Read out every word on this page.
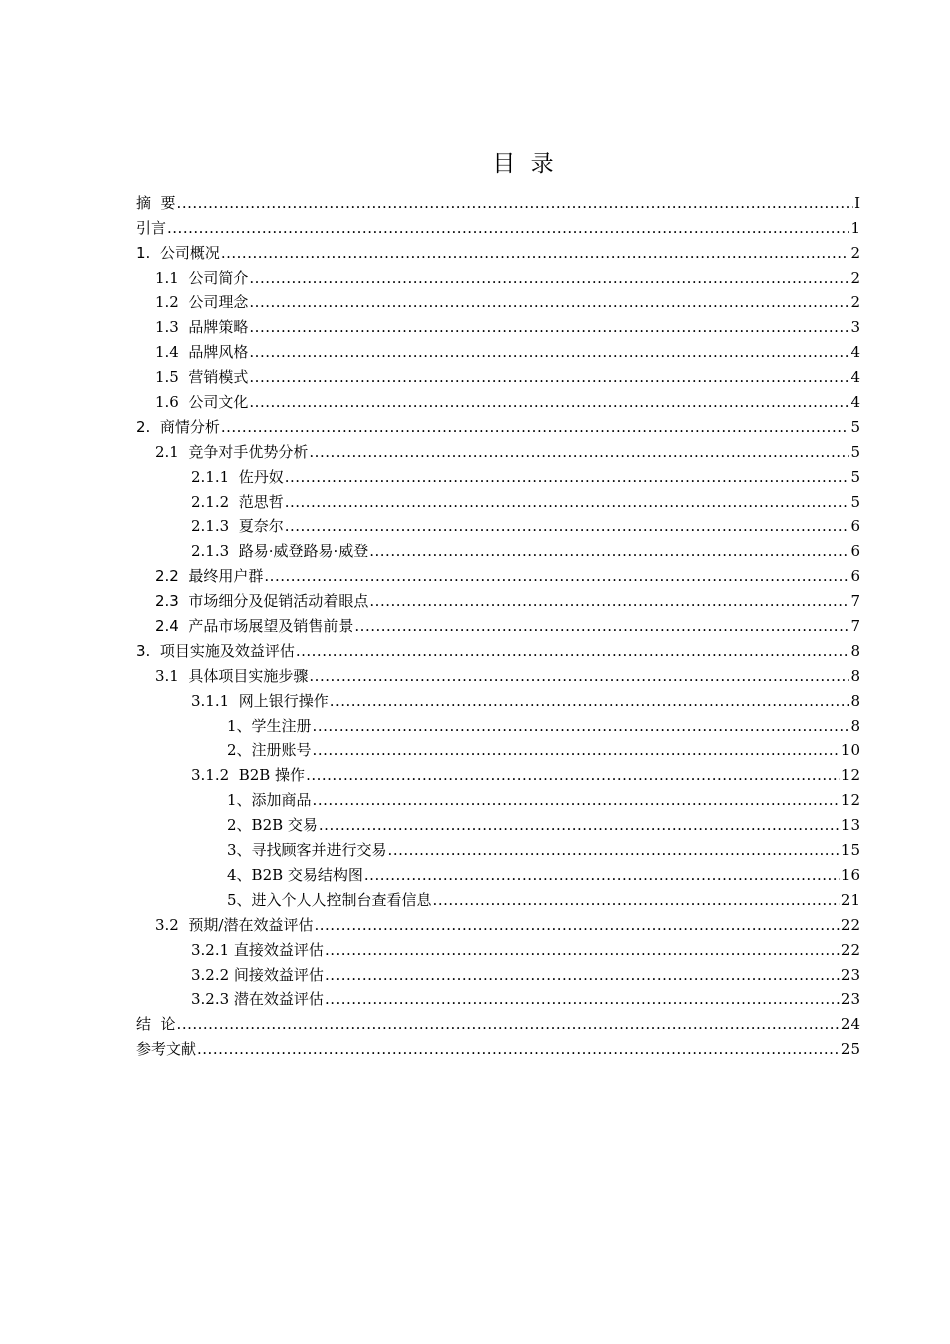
目 录
摘  要 .....	I
引言 .....	1
1.  公司概况 .....	2
1.1  公司简介 .....	2
1.2  公司理念 .....	2
1.3  品牌策略 .....	3
1.4  品牌风格 .....	4
1.5  营销模式 .....	4
1.6  公司文化 .....	4
2.  商情分析 .....	5
2.1  竞争对手优势分析 .....	5
2.1.1  佐丹奴 .....	5
2.1.2  范思哲 .....	5
2.1.3  夏奈尔 .....	6
2.1.3  路易·威登路易·威登 .....	6
2.2  最终用户群 .....	6
2.3  市场细分及促销活动着眼点 .....	7
2.4  产品市场展望及销售前景 .....	7
3.  项目实施及效益评估 .....	8
3.1  具体项目实施步骤 .....	8
3.1.1  网上银行操作 .....	8
1、学生注册 .....	8
2、注册账号 .....	10
3.1.2  B2B 操作 .....	12
1、添加商品 .....	12
2、B2B 交易 .....	13
3、寻找顾客并进行交易 .....	15
4、B2B 交易结构图 .....	16
5、进入个人人控制台查看信息 .....	21
3.2  预期/潜在效益评估 .....	22
3.2.1 直接效益评估 .....	22
3.2.2 间接效益评估 .....	23
3.2.3 潜在效益评估 .....	23
结  论 .....	24
参考文献 .....	25
